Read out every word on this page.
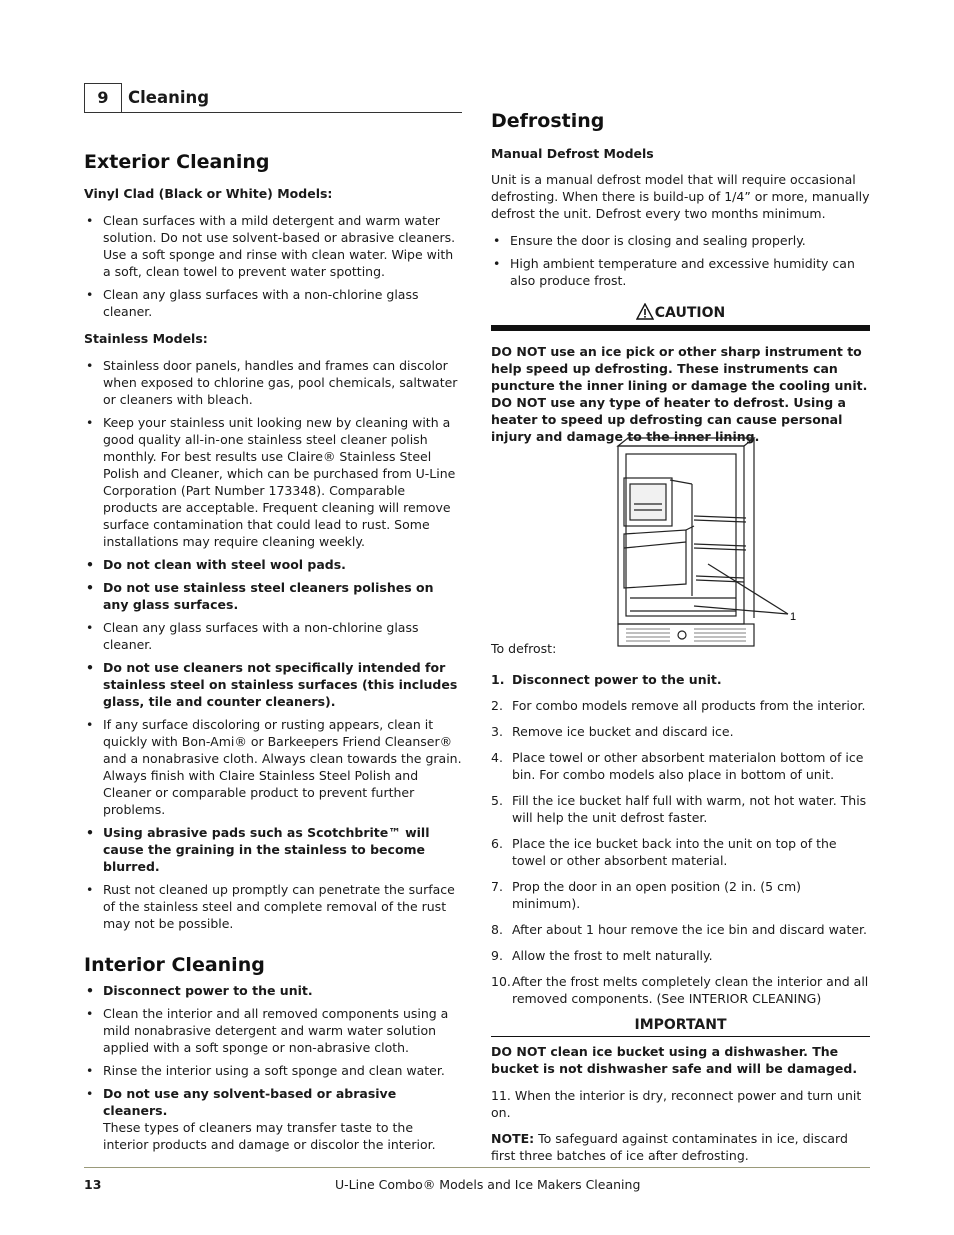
9	Cleaning
Exterior Cleaning

Vinyl Clad (Black or White) Models:

• Clean surfaces with a mild detergent and warm water solution. Do not use solvent-based or abrasive cleaners. Use a soft sponge and rinse with clean water. Wipe with a soft, clean towel to prevent water spotting.
• Clean any glass surfaces with a non-chlorine glass cleaner.

Stainless Models:

• Stainless door panels, handles and frames can discolor when exposed to chlorine gas, pool chemicals, saltwater or cleaners with bleach.
• Keep your stainless unit looking new by cleaning with a good quality all-in-one stainless steel cleaner polish monthly. For best results use Claire® Stainless Steel Polish and Cleaner, which can be purchased from U-Line Corporation (Part Number 173348). Comparable products are acceptable. Frequent cleaning will remove surface contamination that could lead to rust. Some installations may require cleaning weekly.
• Do not clean with steel wool pads.
• Do not use stainless steel cleaners polishes on any glass surfaces.
• Clean any glass surfaces with a non-chlorine glass cleaner.
• Do not use cleaners not specifically intended for stainless steel on stainless surfaces (this includes glass, tile and counter cleaners).
• If any surface discoloring or rusting appears, clean it quickly with Bon-Ami® or Barkeepers Friend Cleanser® and a nonabrasive cloth. Always clean towards the grain. Always finish with Claire Stainless Steel Polish and Cleaner or comparable product to prevent further problems.
• Using abrasive pads such as Scotchbrite™ will cause the graining in the stainless to become blurred.
• Rust not cleaned up promptly can penetrate the surface of the stainless steel and complete removal of the rust may not be possible.
Interior Cleaning
• Disconnect power to the unit.
• Clean the interior and all removed components using a mild nonabrasive detergent and warm water solution applied with a soft sponge or non-abrasive cloth.
• Rinse the interior using a soft sponge and clean water.
• Do not use any solvent-based or abrasive cleaners.
These types of cleaners may transfer taste to the interior products and damage or discolor the interior.
Defrosting

Manual Defrost Models

Unit is a manual defrost model that will require occasional defrosting. When there is build-up of 1/4” or more, manually defrost the unit. Defrost every two months minimum.

• Ensure the door is closing and sealing properly.
• High ambient temperature and excessive humidity can also produce frost.
CAUTION

DO NOT use an ice pick or other sharp instrument to help speed up defrosting. These instruments can puncture the inner lining or damage the cooling unit. DO NOT use any type of heater to defrost. Using a heater to speed up defrosting can cause personal injury and damage to the inner lining.

1. Disconnect power to the unit.
2. For combo models remove all products from the interior.
3. Remove ice bucket and discard ice.
4. Place towel or other absorbent materialon bottom of ice bin. For combo models also place in bottom of unit.
5. Fill the ice bucket half full with warm, not hot water. This will help the unit defrost faster.
6. Place the ice bucket back into the unit on top of the towel or other absorbent material.
7. Prop the door in an open position (2 in. (5 cm) minimum).
8. After about 1 hour remove the ice bin and discard water.
9. Allow the frost to melt naturally.
10. After the frost melts completely clean the interior and all removed components. (See INTERIOR CLEANING)
IMPORTANT

DO NOT clean ice bucket using a dishwasher. The bucket is not dishwasher safe and will be damaged.

11. When the interior is dry, reconnect power and turn unit on.

NOTE: To safeguard against contaminates in ice, discard first three batches of ice after defrosting.

1
To defrost:
13	U-Line Combo® Models and Ice Makers Cleaning
